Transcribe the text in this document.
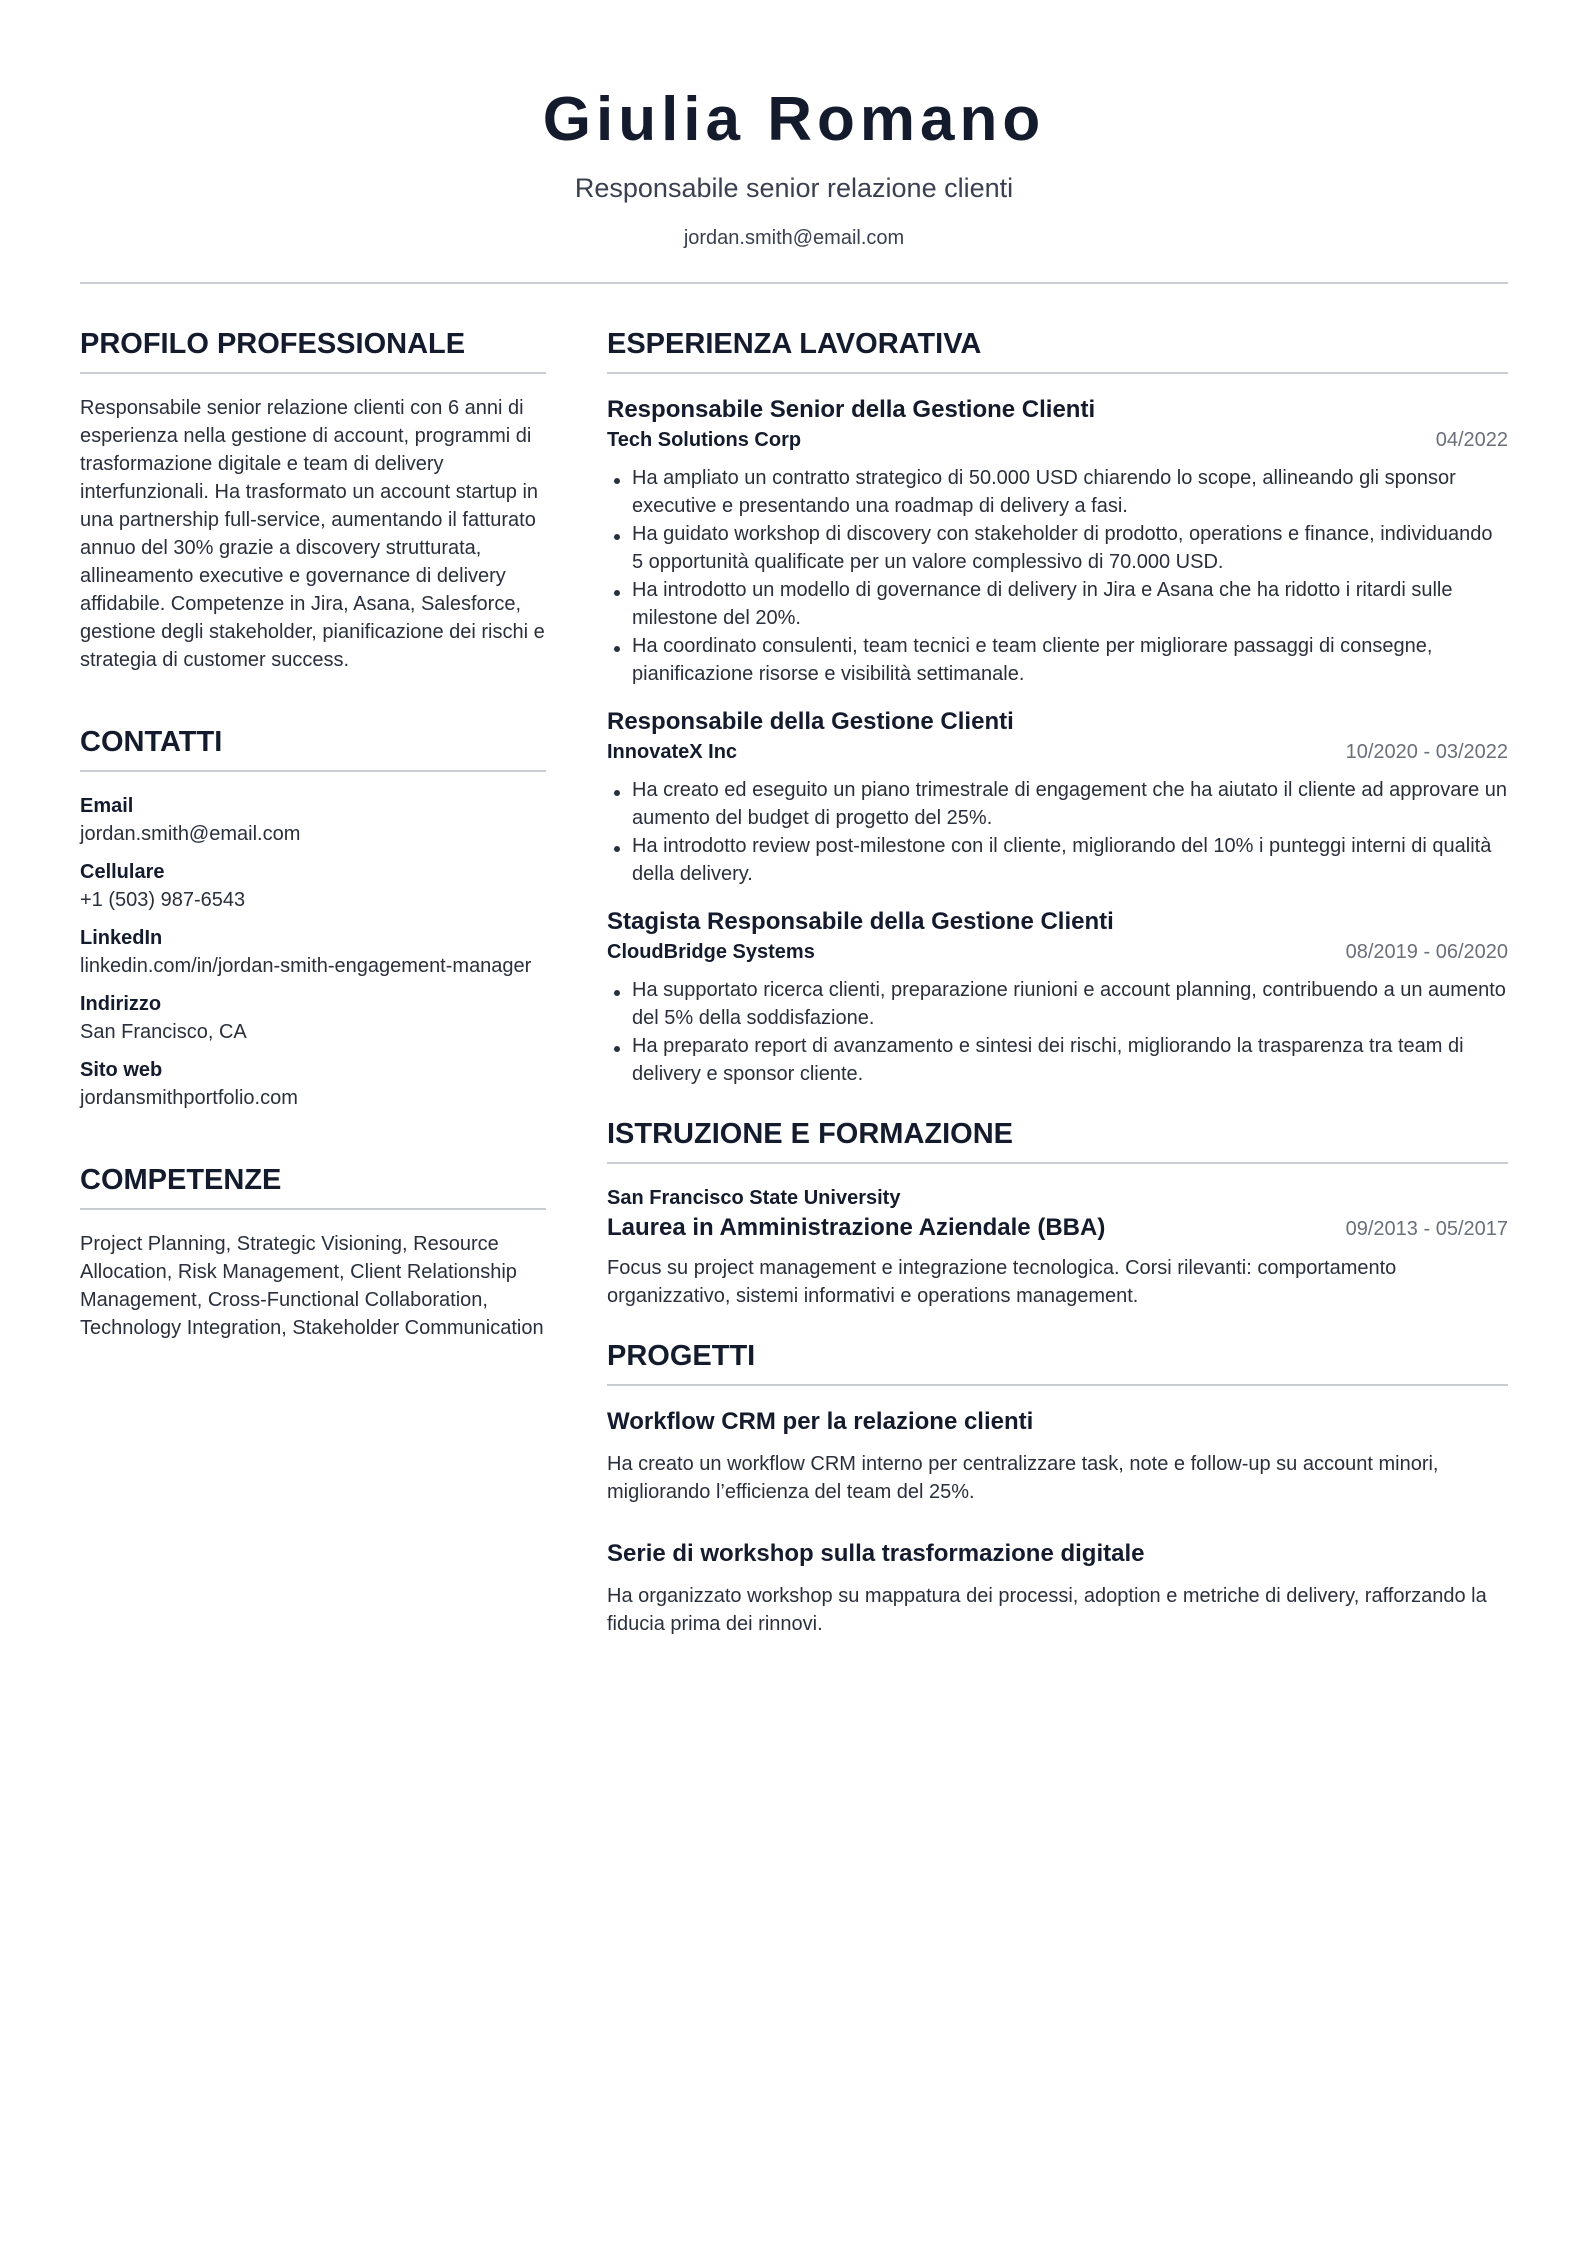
Giulia Romano
Responsabile senior relazione clienti
jordan.smith@email.com
PROFILO PROFESSIONALE
Responsabile senior relazione clienti con 6 anni di esperienza nella gestione di account, programmi di trasformazione digitale e team di delivery interfunzionali. Ha trasformato un account startup in una partnership full-service, aumentando il fatturato annuo del 30% grazie a discovery strutturata, allineamento executive e governance di delivery affidabile. Competenze in Jira, Asana, Salesforce, gestione degli stakeholder, pianificazione dei rischi e strategia di customer success.
CONTATTI
Email
jordan.smith@email.com
Cellulare
+1 (503) 987-6543
LinkedIn
linkedin.com/in/jordan-smith-engagement-manager
Indirizzo
San Francisco, CA
Sito web
jordansmithportfolio.com
COMPETENZE
Project Planning, Strategic Visioning, Resource Allocation, Risk Management, Client Relationship Management, Cross-Functional Collaboration, Technology Integration, Stakeholder Communication
ESPERIENZA LAVORATIVA
Responsabile Senior della Gestione Clienti
Tech Solutions Corp	04/2022
Ha ampliato un contratto strategico di 50.000 USD chiarendo lo scope, allineando gli sponsor executive e presentando una roadmap di delivery a fasi.
Ha guidato workshop di discovery con stakeholder di prodotto, operations e finance, individuando 5 opportunità qualificate per un valore complessivo di 70.000 USD.
Ha introdotto un modello di governance di delivery in Jira e Asana che ha ridotto i ritardi sulle milestone del 20%.
Ha coordinato consulenti, team tecnici e team cliente per migliorare passaggi di consegne, pianificazione risorse e visibilità settimanale.
Responsabile della Gestione Clienti
InnovateX Inc	10/2020 - 03/2022
Ha creato ed eseguito un piano trimestrale di engagement che ha aiutato il cliente ad approvare un aumento del budget di progetto del 25%.
Ha introdotto review post-milestone con il cliente, migliorando del 10% i punteggi interni di qualità della delivery.
Stagista Responsabile della Gestione Clienti
CloudBridge Systems	08/2019 - 06/2020
Ha supportato ricerca clienti, preparazione riunioni e account planning, contribuendo a un aumento del 5% della soddisfazione.
Ha preparato report di avanzamento e sintesi dei rischi, migliorando la trasparenza tra team di delivery e sponsor cliente.
ISTRUZIONE E FORMAZIONE
San Francisco State University
Laurea in Amministrazione Aziendale (BBA)	09/2013 - 05/2017
Focus su project management e integrazione tecnologica. Corsi rilevanti: comportamento organizzativo, sistemi informativi e operations management.
PROGETTI
Workflow CRM per la relazione clienti
Ha creato un workflow CRM interno per centralizzare task, note e follow-up su account minori, migliorando l’efficienza del team del 25%.
Serie di workshop sulla trasformazione digitale
Ha organizzato workshop su mappatura dei processi, adoption e metriche di delivery, rafforzando la fiducia prima dei rinnovi.
